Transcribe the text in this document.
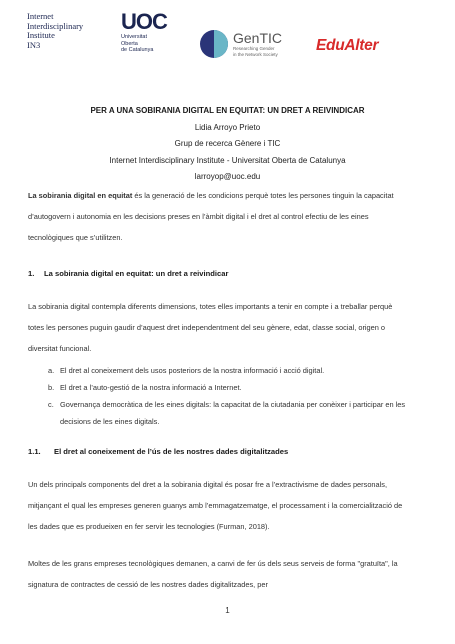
Internet
Interdisciplinary
Institute
IN3
UOC
Universitat
Oberta
de Catalunya
GenTIC
Researching Gender
in the Network Society EduAlter
PER A UNA SOBIRANIA DIGITAL EN EQUITAT: UN DRET A REIVINDICAR
Lidia Arroyo Prieto
Grup de recerca Gènere i TIC
Internet Interdisciplinary Institute - Universitat Oberta de Catalunya
larroyop@uoc.edu
La sobirania digital en equitat és la generació de les condicions perquè totes les persones tinguin la capacitat d’autogovern i autonomia en les decisions preses en l’àmbit digital i el dret al control efectiu de les eines tecnològiques que s’utilitzen.
1. La sobirania digital en equitat: un dret a reivindicar
La sobirania digital contempla diferents dimensions, totes elles importants a tenir en compte i a treballar perquè totes les persones puguin gaudir d’aquest dret independentment del seu gènere, edat, classe social, origen o diversitat funcional.
a. El dret al coneixement dels usos posteriors de la nostra informació i acció digital.
b. El dret a l’auto-gestió de la nostra informació a Internet.
c. Governança democràtica de les eines digitals: la capacitat de la ciutadania per conèixer i participar en les decisions de les eines digitals.
1.1. El dret al coneixement de l’ús de les nostres dades digitalitzades
Un dels principals components del dret a la sobirania digital és posar fre a l’extractivisme de dades personals, mitjançant el qual les empreses generen guanys amb l’emmagatzematge, el processament i la comercialització de les dades que es produeixen en fer servir les tecnologies (Furman, 2018).
Moltes de les grans empreses tecnològiques demanen, a canvi de fer ús dels seus serveis de forma "gratuïta", la signatura de contractes de cessió de les nostres dades digitalitzades, per
1
